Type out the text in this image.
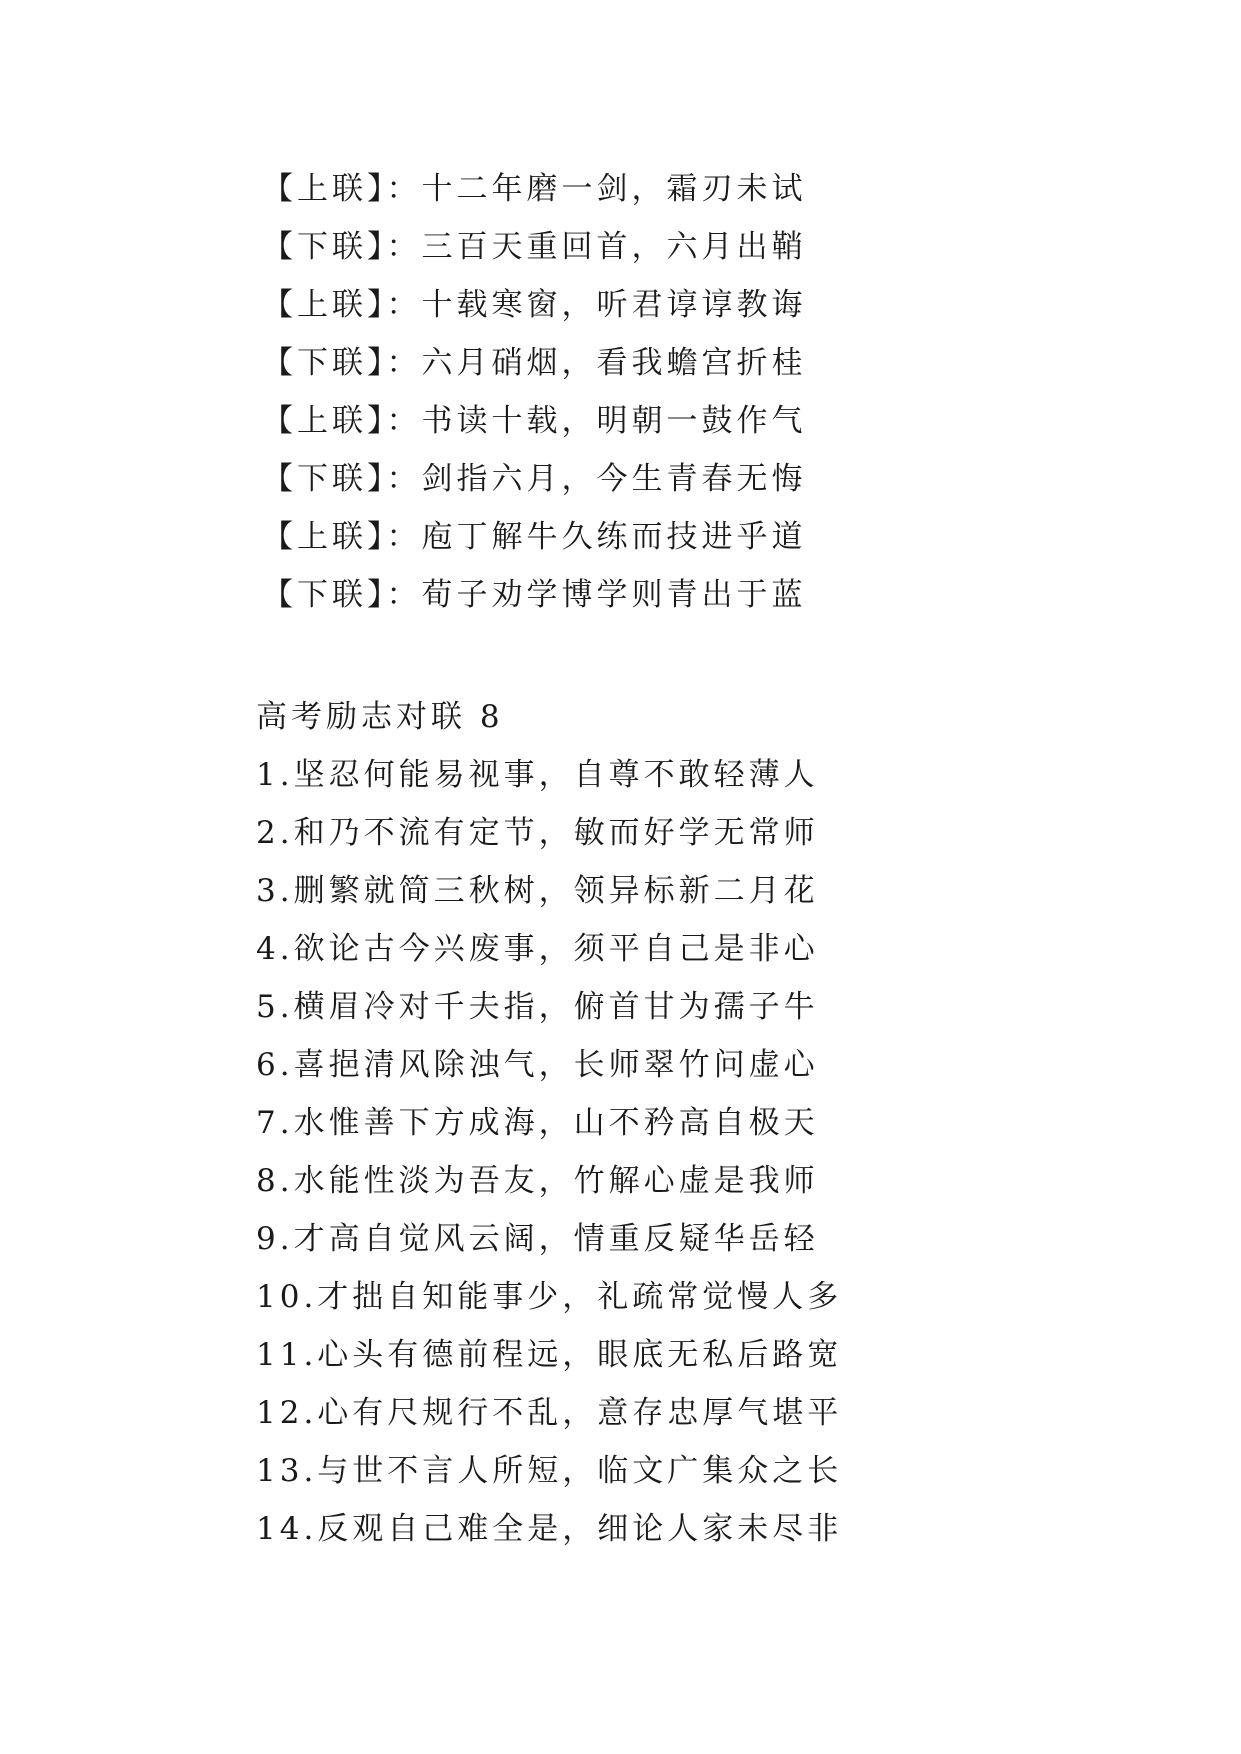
【上联】：十二年磨一剑，霜刃未试
【下联】：三百天重回首，六月出鞘
【上联】：十载寒窗，听君谆谆教诲
【下联】：六月硝烟，看我蟾宫折桂
【上联】：书读十载，明朝一鼓作气
【下联】：剑指六月，今生青春无悔
【上联】：庖丁解牛久练而技进乎道
【下联】：荀子劝学博学则青出于蓝
高考励志对联 8
1.坚忍何能易视事，自尊不敢轻薄人
2.和乃不流有定节，敏而好学无常师
3.删繁就简三秋树，领异标新二月花
4.欲论古今兴废事，须平自己是非心
5.横眉冷对千夫指，俯首甘为孺子牛
6.喜挹清风除浊气，长师翠竹问虚心
7.水惟善下方成海，山不矜高自极天
8.水能性淡为吾友，竹解心虚是我师
9.才高自觉风云阔，情重反疑华岳轻
10.才拙自知能事少，礼疏常觉慢人多
11.心头有德前程远，眼底无私后路宽
12.心有尺规行不乱，意存忠厚气堪平
13.与世不言人所短，临文广集众之长
14.反观自己难全是，细论人家未尽非
